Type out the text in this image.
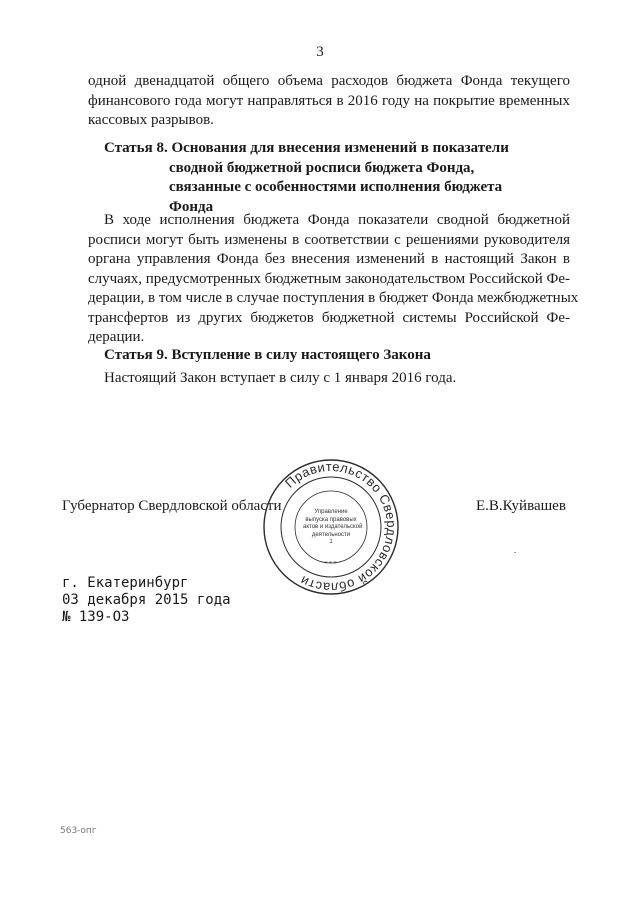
3

одной двенадцатой общего объема расходов бюджета Фонда текущего
финансового года могут направляться в 2016 году на покрытие временных
кассовых разрывов.

Статья 8. Основания для внесения изменений в показатели
сводной бюджетной росписи бюджета Фонда,
связанные с особенностями исполнения бюджета
Фонда

В ходе исполнения бюджета Фонда показатели сводной бюджетной
росписи могут быть изменены в соответствии с решениями руководителя
органа управления Фонда без внесения изменений в настоящий Закон в
случаях, предусмотренных бюджетным законодательством Российской Фе-
дерации, в том числе в случае поступления в бюджет Фонда межбюджетных
трансфертов из других бюджетов бюджетной системы Российской Фе-
дерации.

Статья 9. Вступление в силу настоящего Закона

Настоящий Закон вступает в силу с 1 января 2016 года.

Губернатор Свердловской области	Е.В.Куйвашев
Правительство Свердловской области
Управление
выпуска правовых
актов и издательской
деятельности
1
***
г. Екатеринбург
03 декабря 2015 года
№ 139-ОЗ
563-опг
